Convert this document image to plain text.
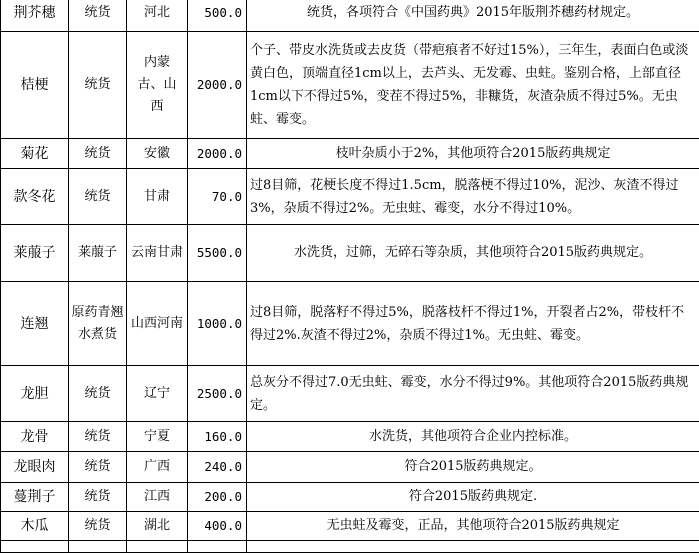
荆芥穗	统货	河北	500.0	统货，各项符合《中国药典》2015年版荆芥穗药材规定。
桔梗	统货	内蒙古、山西	2000.0	个子、带皮水洗货或去皮货（带疤痕者不好过15%），三年生，表面白色或淡黄白色，顶端直径1cm以上，去芦头、无发霉、虫蛀。鉴别合格，上部直径1cm以下不得过5%，变茬不得过5%，非糠货，灰渣杂质不得过5%。无虫蛀、霉变。
菊花	统货	安徽	2000.0	枝叶杂质小于2%，其他项符合2015版药典规定
款冬花	统货	甘肃	70.0	过8目筛，花梗长度不得过1.5cm，脱落梗不得过10%，泥沙、灰渣不得过3%，杂质不得过2%。无虫蛀、霉变，水分不得过10%。
莱菔子	莱菔子	云南甘肃	5500.0	水洗货，过筛，无碎石等杂质，其他项符合2015版药典规定。
连翘	原药青翘水煮货	山西河南	1000.0	过8目筛，脱落籽不得过5%，脱落枝杆不得过1%，开裂者占2%，带枝杆不得过2%.灰渣不得过2%，杂质不得过1%。无虫蛀、霉变。
龙胆	统货	辽宁	2500.0	总灰分不得过7.0无虫蛀、霉变，水分不得过9%。其他项符合2015版药典规定。
龙骨	统货	宁夏	160.0	水洗货，其他项符合企业内控标准。
龙眼肉	统货	广西	240.0	符合2015版药典规定。
蔓荆子	统货	江西	200.0	符合2015版药典规定.
木瓜	统货	湖北	400.0	无虫蛀及霉变，正品，其他项符合2015版药典规定
